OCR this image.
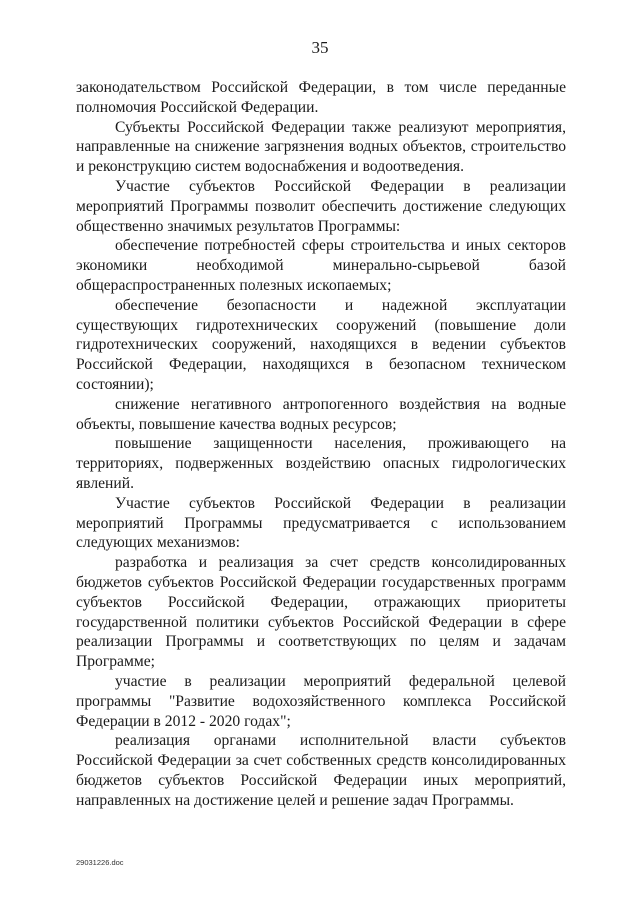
35

законодательством Российской Федерации, в том числе переданные полномочия Российской Федерации.

Субъекты Российской Федерации также реализуют мероприятия, направленные на снижение загрязнения водных объектов, строительство и реконструкцию систем водоснабжения и водоотведения.

Участие субъектов Российской Федерации в реализации мероприятий Программы позволит обеспечить достижение следующих общественно значимых результатов Программы:

обеспечение потребностей сферы строительства и иных секторов экономики необходимой минерально-сырьевой базой общераспространенных полезных ископаемых;

обеспечение безопасности и надежной эксплуатации существующих гидротехнических сооружений (повышение доли гидротехнических сооружений, находящихся в ведении субъектов Российской Федерации, находящихся в безопасном техническом состоянии);

снижение негативного антропогенного воздействия на водные объекты, повышение качества водных ресурсов;

повышение защищенности населения, проживающего на территориях, подверженных воздействию опасных гидрологических явлений.

Участие субъектов Российской Федерации в реализации мероприятий Программы предусматривается с использованием следующих механизмов:

разработка и реализация за счет средств консолидированных бюджетов субъектов Российской Федерации государственных программ субъектов Российской Федерации, отражающих приоритеты государственной политики субъектов Российской Федерации в сфере реализации Программы и соответствующих по целям и задачам Программе;

участие в реализации мероприятий федеральной целевой программы "Развитие водохозяйственного комплекса Российской Федерации в 2012 - 2020 годах";

реализация органами исполнительной власти субъектов Российской Федерации за счет собственных средств консолидированных бюджетов субъектов Российской Федерации иных мероприятий, направленных на достижение целей и решение задач Программы.

29031226.doc
